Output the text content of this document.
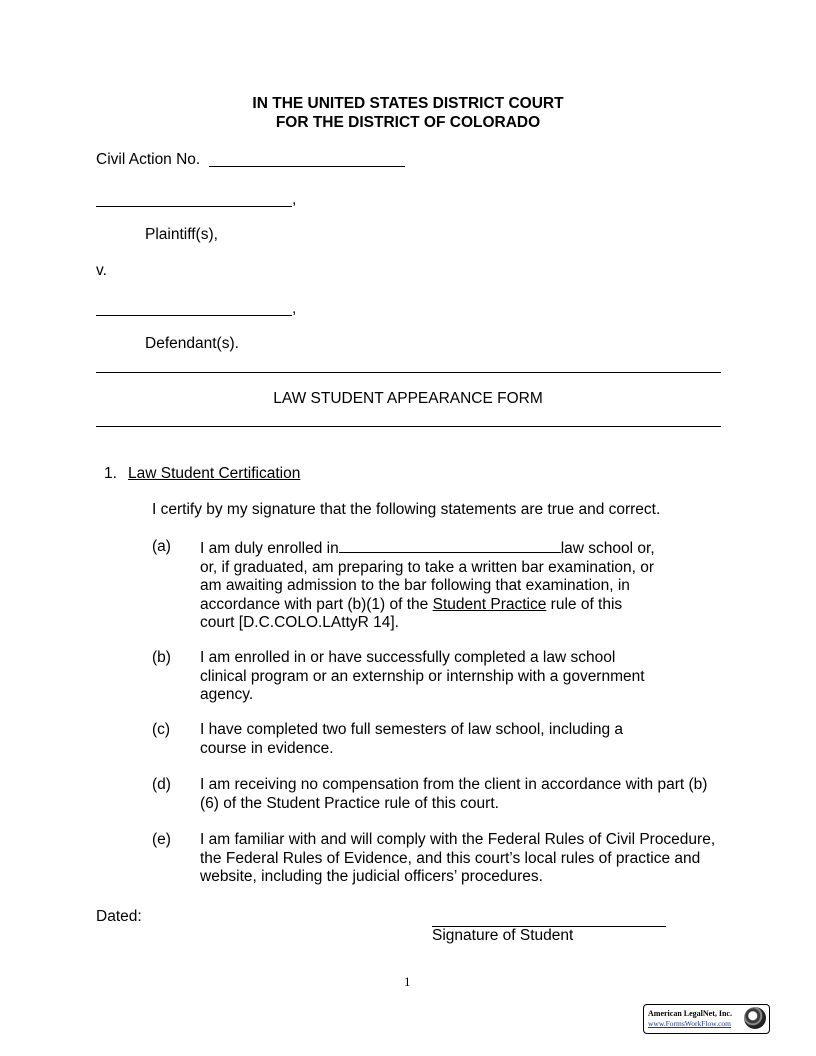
IN THE UNITED STATES DISTRICT COURT
FOR THE DISTRICT OF COLORADO
Civil Action No.
,
Plaintiff(s),
v.
,
Defendant(s).
LAW STUDENT APPEARANCE FORM
1. Law Student Certification
I certify by my signature that the following statements are true and correct.
(a) I am duly enrolled in	law school or, or, if graduated, am preparing to take a written bar examination, or am awaiting admission to the bar following that examination, in accordance with part (b)(1) of the Student Practice rule of this court [D.C.COLO.LAttyR 14].
(b) I am enrolled in or have successfully completed a law school clinical program or an externship or internship with a government agency.
(c) I have completed two full semesters of law school, including a course in evidence.
(d) I am receiving no compensation from the client in accordance with part (b)(6) of the Student Practice rule of this court.
(e) I am familiar with and will comply with the Federal Rules of Civil Procedure, the Federal Rules of Evidence, and this court’s local rules of practice and website, including the judicial officers’ procedures.
Dated:
Signature of Student
1
American LegalNet, Inc.
www.FormsWorkFlow.com
